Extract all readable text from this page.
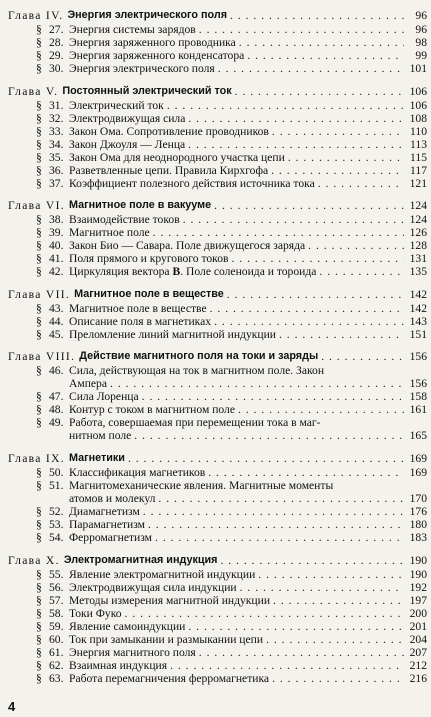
Глава IV. Энергия электрического поля . . .	96
§ 27. Энергия системы зарядов . . .	96
§ 28. Энергия заряженного проводника . . .	98
§ 29. Энергия заряженного конденсатора . . .	99
§ 30. Энергия электрического поля . . .	101
Глава V. Постоянный электрический ток . . .	106
§ 31. Электрический ток . . .	106
§ 32. Электродвижущая сила . . .	108
§ 33. Закон Ома. Сопротивление проводников . . .	110
§ 34. Закон Джоуля — Ленца . . .	113
§ 35. Закон Ома для неоднородного участка цепи . . .	115
§ 36. Разветвленные цепи. Правила Кирхгофа . . .	117
§ 37. Коэффициент полезного действия источника тока . . .	121
Глава VI. Магнитное поле в вакууме . . .	124
§ 38. Взаимодействие токов . . .	124
§ 39. Магнитное поле . . .	126
§ 40. Закон Био — Савара. Поле движущегося заряда . . .	128
§ 41. Поля прямого и кругового токов . . .	131
§ 42. Циркуляция вектора B. Поле соленоида и тороида . . .	135
Глава VII. Магнитное поле в веществе . . .	142
§ 43. Магнитное поле в веществе . . .	142
§ 44. Описание поля в магнетиках . . .	143
§ 45. Преломление линий магнитной индукции . . .	151
Глава VIII. Действие магнитного поля на токи и заряды . . .	156
§ 46. Сила, действующая на ток в магнитном поле. Закон
Ампера . . .	156
§ 47. Сила Лоренца . . .	158
§ 48. Контур с током в магнитном поле . . .	161
§ 49. Работа, совершаемая при перемещении тока в маг-
нитном поле . . .	165
Глава IX. Магнетики . . .	169
§ 50. Классификация магнетиков . . .	169
§ 51. Магнитомеханические явления. Магнитные моменты
атомов и молекул . . .	170
§ 52. Диамагнетизм . . .	176
§ 53. Парамагнетизм . . .	180
§ 54. Ферромагнетизм . . .	183
Глава X. Электромагнитная индукция . . .	190
§ 55. Явление электромагнитной индукции . . .	190
§ 56. Электродвижущая сила индукции . . .	192
§ 57. Методы измерения магнитной индукции . . .	197
§ 58. Токи Фуко . . .	200
§ 59. Явление самоиндукции . . .	201
§ 60. Ток при замыкании и размыкании цепи . . .	204
§ 61. Энергия магнитного поля . . .	207
§ 62. Взаимная индукция . . .	212
§ 63. Работа перемагничения ферромагнетика . . .	216
4
